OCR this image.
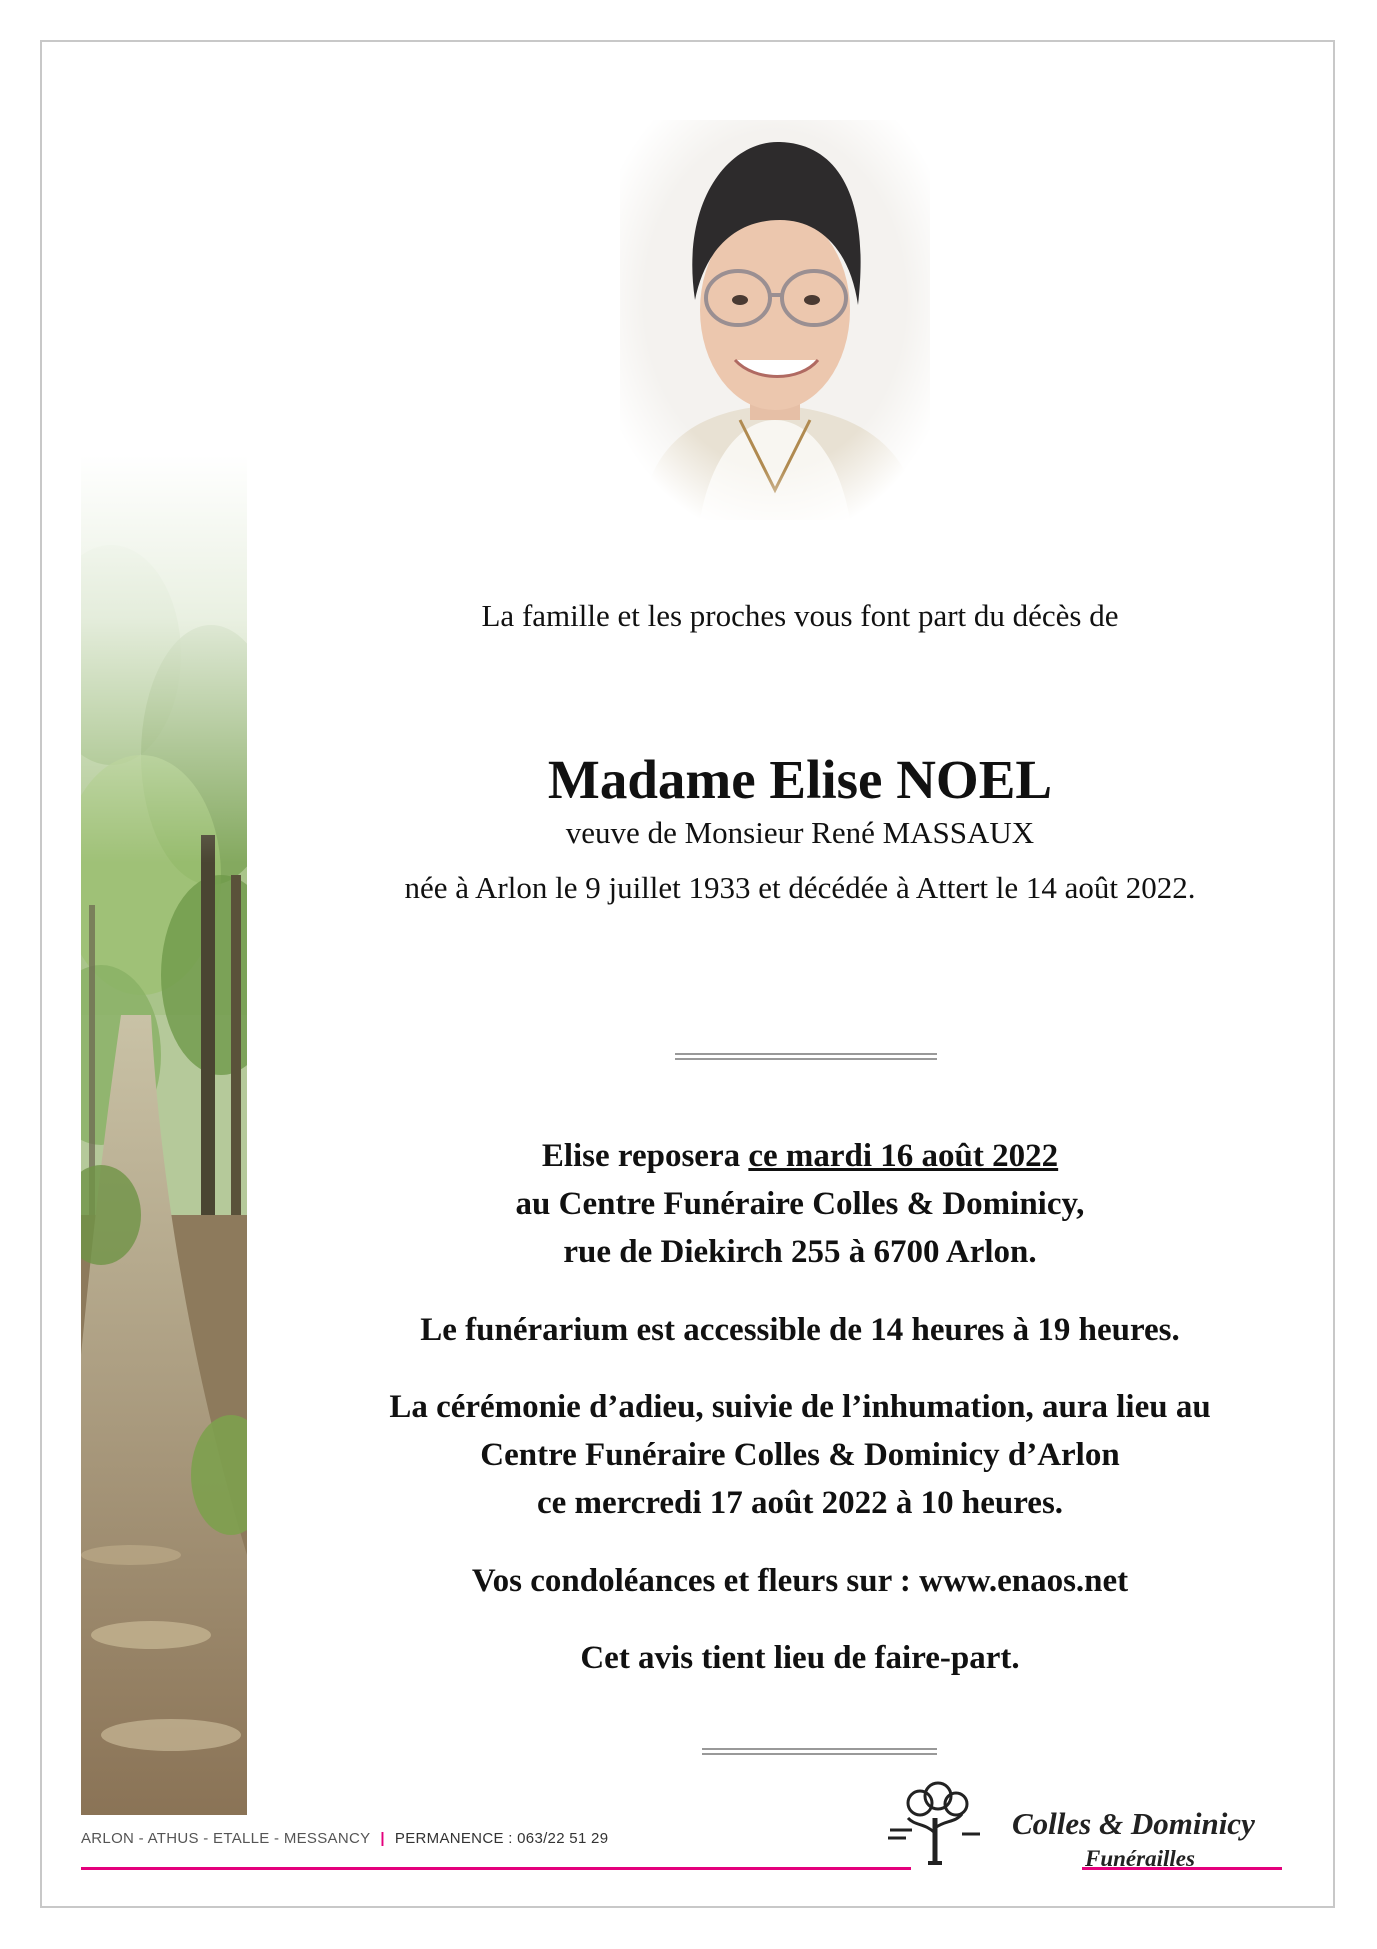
La famille et les proches vous font part du décès de
Madame Elise NOEL
veuve de Monsieur René MASSAUX
née à Arlon le 9 juillet 1933 et décédée à Attert le 14 août 2022.

Elise reposera ce mardi 16 août 2022

au Centre Funéraire Colles & Dominicy,

rue de Diekirch 255 à 6700 Arlon.

Le funérarium est accessible de 14 heures à 19 heures.

La cérémonie d’adieu, suivie de l’inhumation, aura lieu au

Centre Funéraire Colles & Dominicy d’Arlon

ce mercredi 17 août 2022 à 10 heures.

Vos condoléances et fleurs sur : www.enaos.net
Cet avis tient lieu de faire-part.
ARLON - ATHUS - ETALLE - MESSANCY | PERMANENCE : 063/22 51 29	Colles & Dominicy
Funérailles
